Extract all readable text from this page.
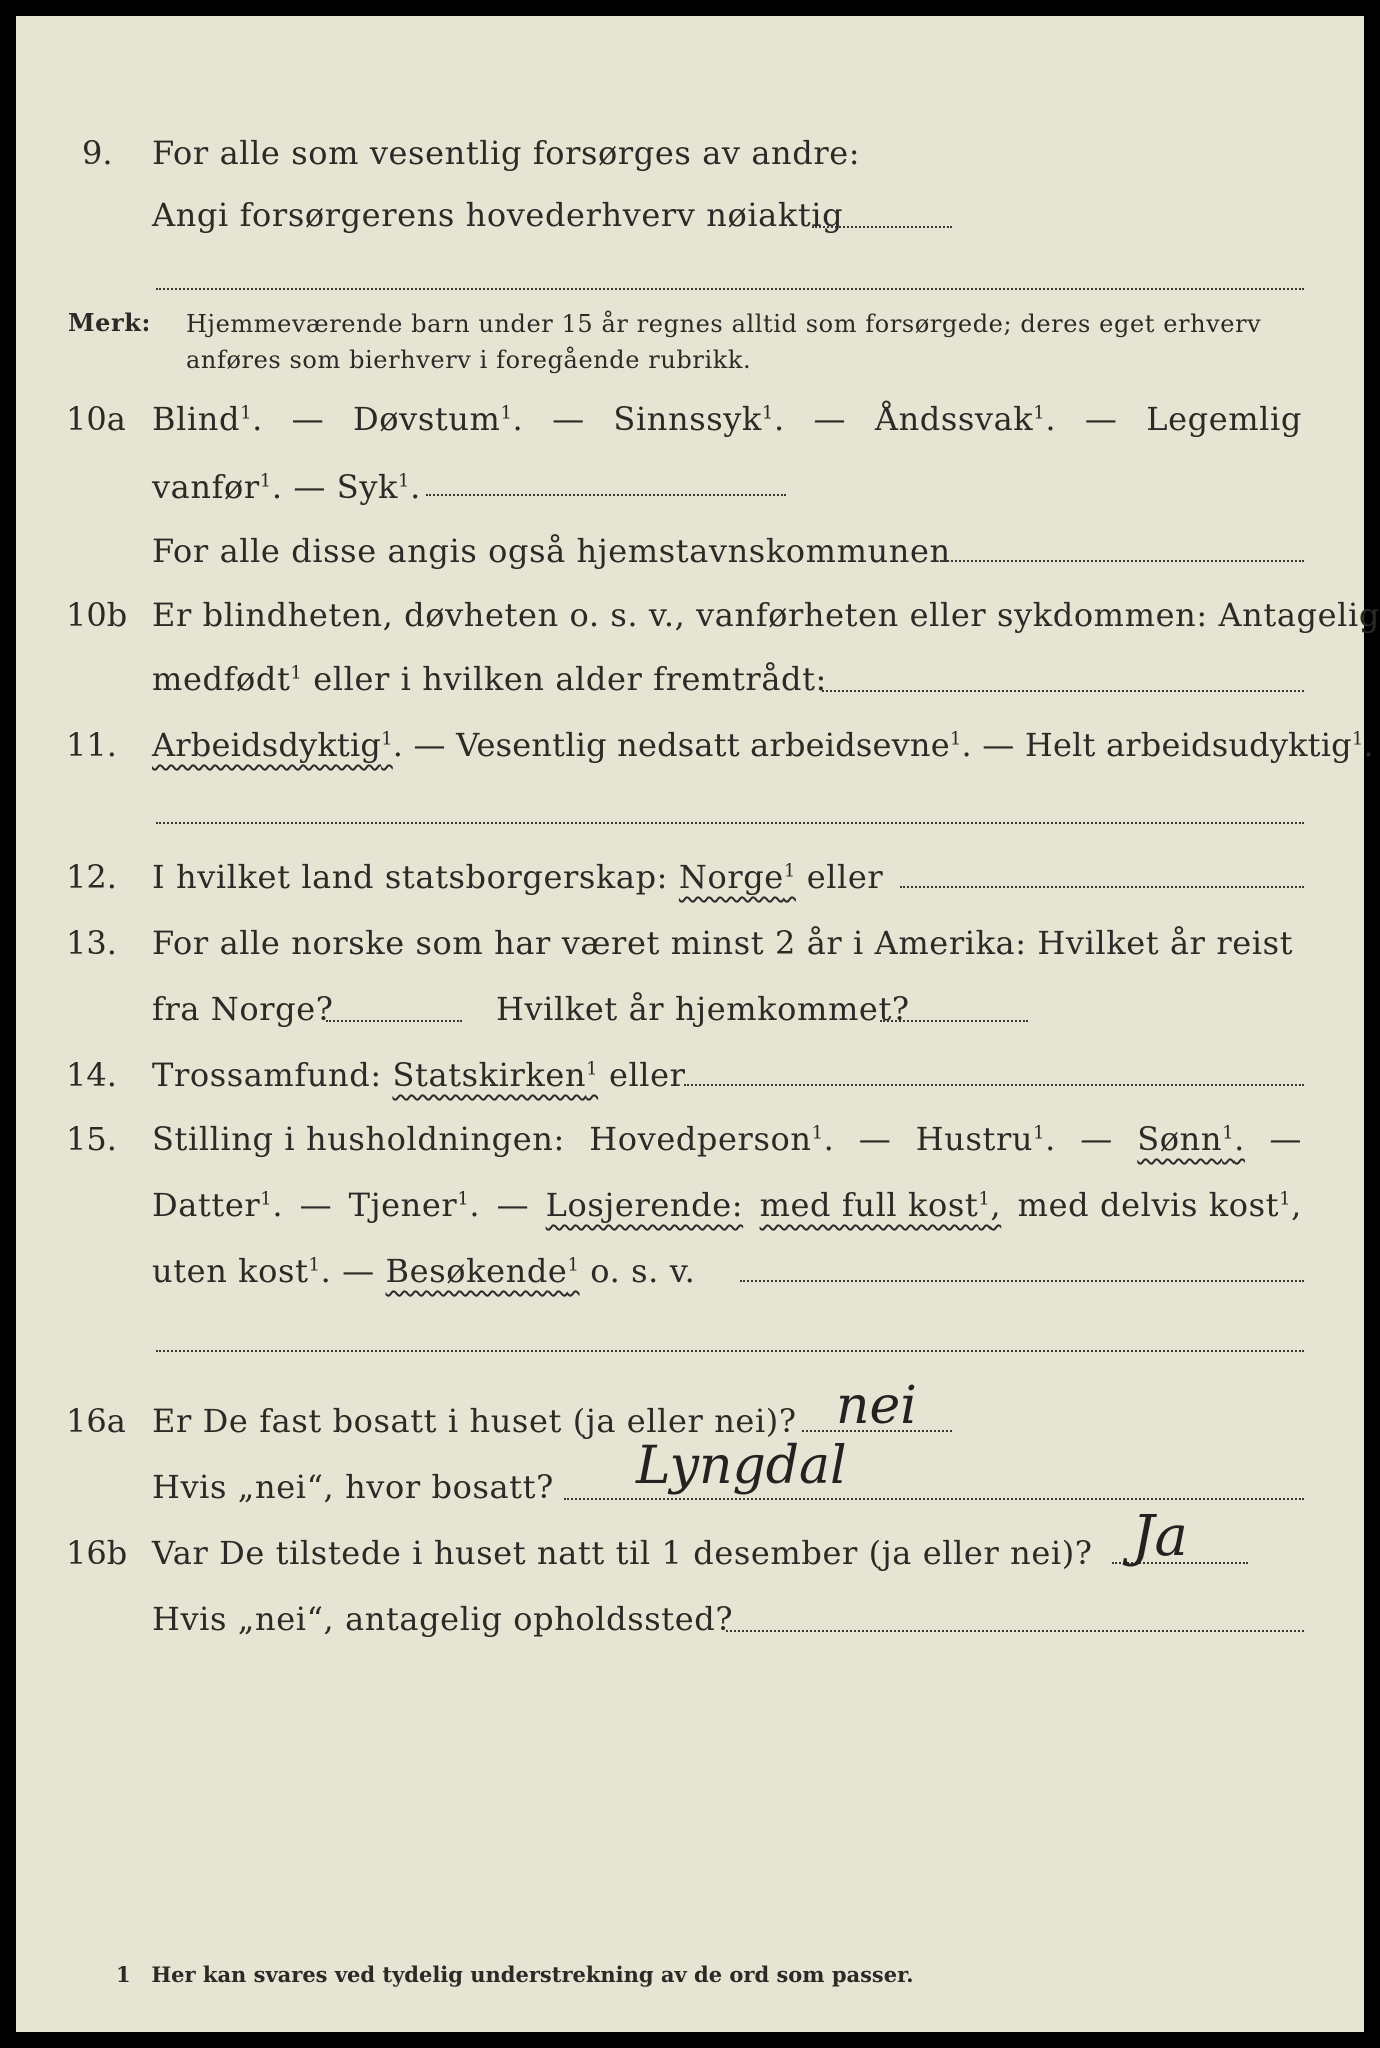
9. For alle som vesentlig forsørges av andre:
Angi forsørgerens hovederhverv nøiaktig
Merk: Hjemmeværende barn under 15 år regnes alltid som forsørgede; deres eget erhverv
anføres som bierhverv i foregående rubrikk.
10a Blind$^1$. — Døvstum$^1$. — Sinnssyk$^1$. — Åndssvak$^1$. — Legemlig
vanfør$^1$. — Syk$^1$.
For alle disse angis også hjemstavnskommunen
10b Er blindheten, døvheten o. s. v., vanførheten eller sykdommen: Antagelig
medfødt$^1$ eller i hvilken alder fremtrådt:
11. Arbeidsdyktig$^1$. — Vesentlig nedsatt arbeidsevne$^1$. — Helt arbeidsudyktig$^1$.
12. I hvilket land statsborgerskap: Norge$^1$ eller
13. For alle norske som har været minst 2 år i Amerika: Hvilket år reist
fra Norge?	Hvilket år hjemkommet?
14. Trossamfund: Statskirken$^1$ eller
15. Stilling i husholdningen: Hovedperson$^1$. — Hustru$^1$. — Sønn$^1$. —
Datter$^1$. — Tjener$^1$. — Losjerende: med full kost$^1$, med delvis kost$^1$,
uten kost$^1$. — Besøkende$^1$ o. s. v.
16a Er De fast bosatt i huset (ja eller nei)? nei
Hvis „nei“, hvor bosatt? Lyngdal
16b Var De tilstede i huset natt til 1 desember (ja eller nei)? Ja
Hvis „nei“, antagelig opholdssted?
1 Her kan svares ved tydelig understrekning av de ord som passer.
